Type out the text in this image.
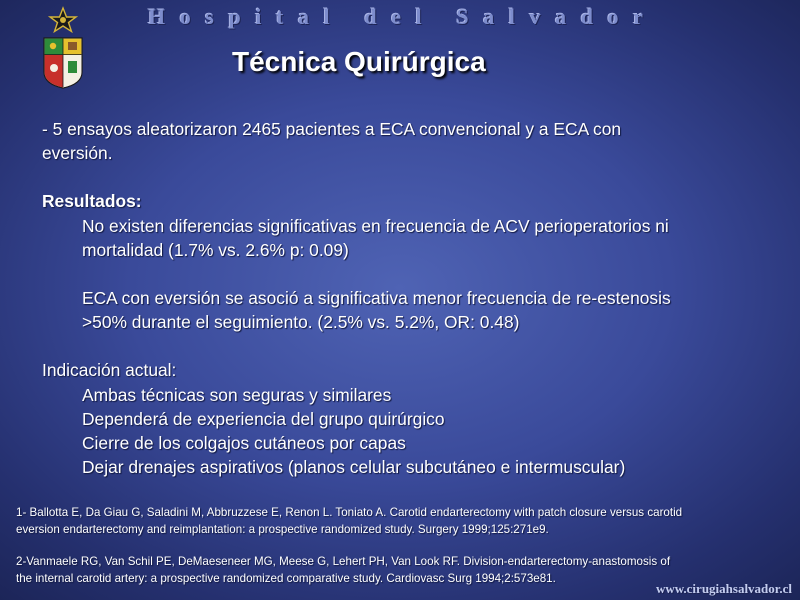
Hospital del Salvador
Técnica Quirúrgica

- 5 ensayos aleatorizaron 2465 pacientes a ECA convencional y a ECA con

eversión.

Resultados:

No existen diferencias significativas en frecuencia de ACV perioperatorios ni

mortalidad (1.7% vs. 2.6% p: 0.09)

ECA con eversión se asoció a significativa menor frecuencia de re-estenosis

>50% durante el seguimiento. (2.5% vs. 5.2%, OR: 0.48)

Indicación actual:

Ambas técnicas son seguras y similares

Dependerá de experiencia del grupo quirúrgico

Cierre de los colgajos cutáneos por capas

Dejar drenajes aspirativos (planos celular subcutáneo e intermuscular)

1- Ballotta E, Da Giau G, Saladini M, Abbruzzese E, Renon L. Toniato A. Carotid endarterectomy with patch closure versus carotid

eversion endarterectomy and reimplantation: a prospective randomized study. Surgery 1999;125:271e9.

2-Vanmaele RG, Van Schil PE, DeMaeseneer MG, Meese G, Lehert PH, Van Look RF. Division-endarterectomy-anastomosis of

the internal carotid artery: a prospective randomized comparative study. Cardiovasc Surg 1994;2:573e81.

www.cirugiahsalvador.cl
